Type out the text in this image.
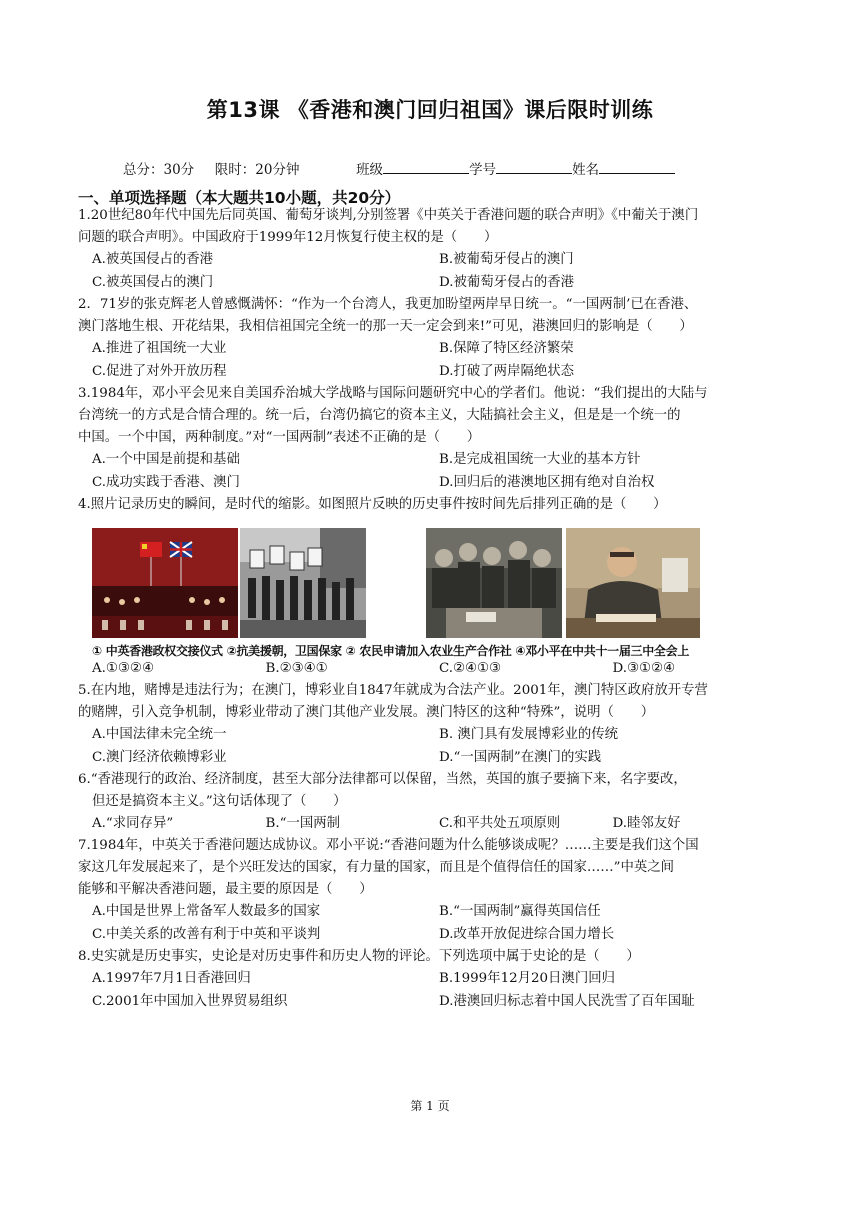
第13课 《香港和澳门回归祖国》课后限时训练
总分：30分 限时：20分钟	班级	学号	姓名
一、单项选择题（本大题共10小题，共20分）
1.20世纪80年代中国先后同英国、葡萄牙谈判,分别签署《中英关于香港问题的联合声明》《中葡关于澳门
问题的联合声明》。中国政府于1999年12月恢复行使主权的是（　　）
A.被英国侵占的香港	B.被葡萄牙侵占的澳门
C.被英国侵占的澳门	D.被葡萄牙侵占的香港
2．71岁的张克辉老人曾感慨满怀：“作为一个台湾人，我更加盼望两岸早日统一。“一国两制’已在香港、
澳门落地生根、开花结果，我相信祖国完全统一的那一天一定会到来!”可见，港澳回归的影响是（　　）
A.推进了祖国统一大业	B.保障了特区经济繁荣
C.促进了对外开放历程	D.打破了两岸隔绝状态
3.1984年，邓小平会见来自美国乔治城大学战略与国际问题研究中心的学者们。他说：“我们提出的大陆与
台湾统一的方式是合情合理的。统一后，台湾仍搞它的资本主义，大陆搞社会主义，但是是一个统一的
中国。一个中国，两种制度。”对“一国两制”表述不正确的是（　　）
A.一个中国是前提和基础	B.是完成祖国统一大业的基本方针
C.成功实践于香港、澳门	D.回归后的港澳地区拥有绝对自治权
4.照片记录历史的瞬间，是时代的缩影。如图照片反映的历史事件按时间先后排列正确的是（　　）
① 中英香港政权交接仪式 ②抗美援朝，卫国保家 ② 农民申请加入农业生产合作社 ④邓小平在中共十一届三中全会上
A.①③②④	B.②③④①	C.②④①③	D.③①②④
5.在内地，赌博是违法行为；在澳门，博彩业自1847年就成为合法产业。2001年，澳门特区政府放开专营
的赌牌，引入竞争机制，博彩业带动了澳门其他产业发展。澳门特区的这种“特殊”，说明（　　）
A.中国法律未完全统一	B. 澳门具有发展博彩业的传统
C.澳门经济依赖博彩业	D.“一国两制”在澳门的实践
6.“香港现行的政治、经济制度，甚至大部分法律都可以保留，当然，英国的旗子要摘下来，名字要改，
但还是搞资本主义。”这句话体现了（　　）
A.“求同存异”	B.“一国两制	C.和平共处五项原则	D.睦邻友好
7.1984年，中英关于香港问题达成协议。邓小平说:“香港问题为什么能够谈成呢？……主要是我们这个国
家这几年发展起来了，是个兴旺发达的国家，有力量的国家，而且是个值得信任的国家……”中英之间
能够和平解决香港问题，最主要的原因是（　　）
A.中国是世界上常备军人数最多的国家	B.“一国两制”赢得英国信任
C.中美关系的改善有利于中英和平谈判	D.改革开放促进综合国力增长
8.史实就是历史事实，史论是对历史事件和历史人物的评论。下列选项中属于史论的是（　　）
A.1997年7月1日香港回归	B.1999年12月20日澳门回归
C.2001年中国加入世界贸易组织	D.港澳回归标志着中国人民洗雪了百年国耻
第 1 页
